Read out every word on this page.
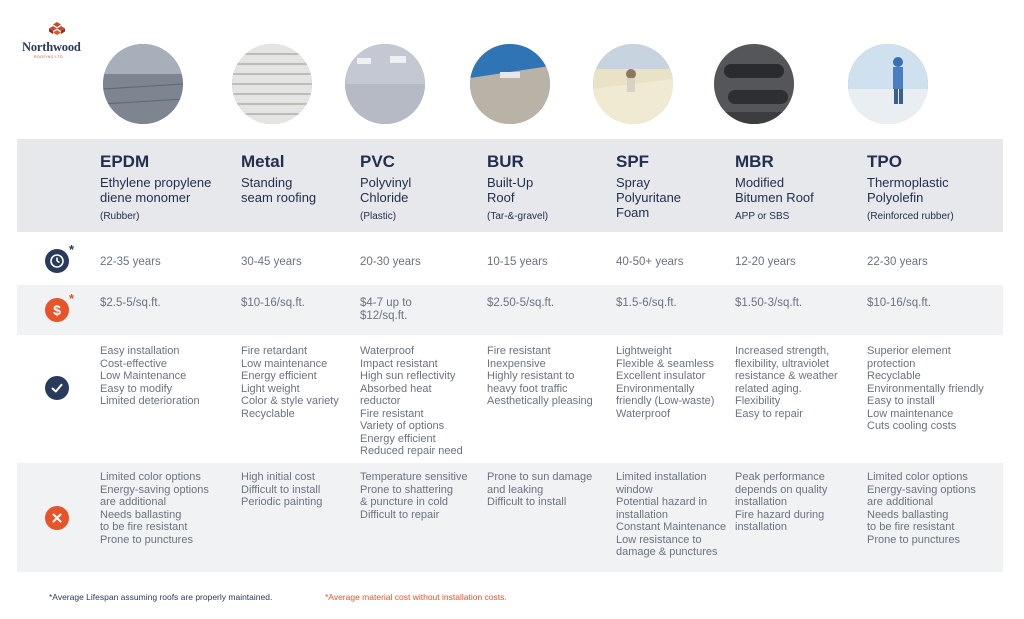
Northwood
ROOFING LTD
*
$
*
EPDM
Ethylene propylene
diene monomer
(Rubber)
22-35 years
$2.5-5/sq.ft.
Easy installation
Cost-effective
Low Maintenance
Easy to modify
Limited deterioration
Limited color options
Energy-saving options
are additional
Needs ballasting
to be fire resistant
Prone to punctures
Metal
Standing
seam roofing
30-45 years
$10-16/sq.ft.
Fire retardant
Low maintenance
Energy efficient
Light weight
Color & style variety
Recyclable
High initial cost
Difficult to install
Periodic painting
PVC
Polyvinyl
Chloride
(Plastic)
20-30 years
$4-7 up to
$12/sq.ft.
Waterproof
Impact resistant
High sun reflectivity
Absorbed heat
reductor
Fire resistant
Variety of options
Energy efficient
Reduced repair need
Temperature sensitive
Prone to shattering
& puncture in cold
Difficult to repair
BUR
Built-Up
Roof
(Tar-&-gravel)
10-15 years
$2.50-5/sq.ft.
Fire resistant
Inexpensive
Highly resistant to
heavy foot traffic
Aesthetically pleasing
Prone to sun damage
and leaking
Difficult to install
SPF
Spray
Polyuritane
Foam
40-50+ years
$1.5-6/sq.ft.
Lightweight
Flexible & seamless
Excellent insulator
Environmentally
friendly (Low-waste)
Waterproof
Limited installation
window
Potential hazard in
installation
Constant Maintenance
Low resistance to
damage & punctures
MBR
Modified
Bitumen Roof
APP or SBS
12-20 years
$1.50-3/sq.ft.
Increased strength,
flexibility, ultraviolet
resistance & weather
related aging.
Flexibility
Easy to repair
Peak performance
depends on quality
installation
Fire hazard during
installation
TPO
Thermoplastic
Polyolefin
(Reinforced rubber)
22-30 years
$10-16/sq.ft.
Superior element
protection
Recyclable
Environmentally friendly
Easy to install
Low maintenance
Cuts cooling costs
Limited color options
Energy-saving options
are additional
Needs ballasting
to be fire resistant
Prone to punctures
*Average Lifespan assuming roofs are properly maintained.	*Average material cost without installation costs.
